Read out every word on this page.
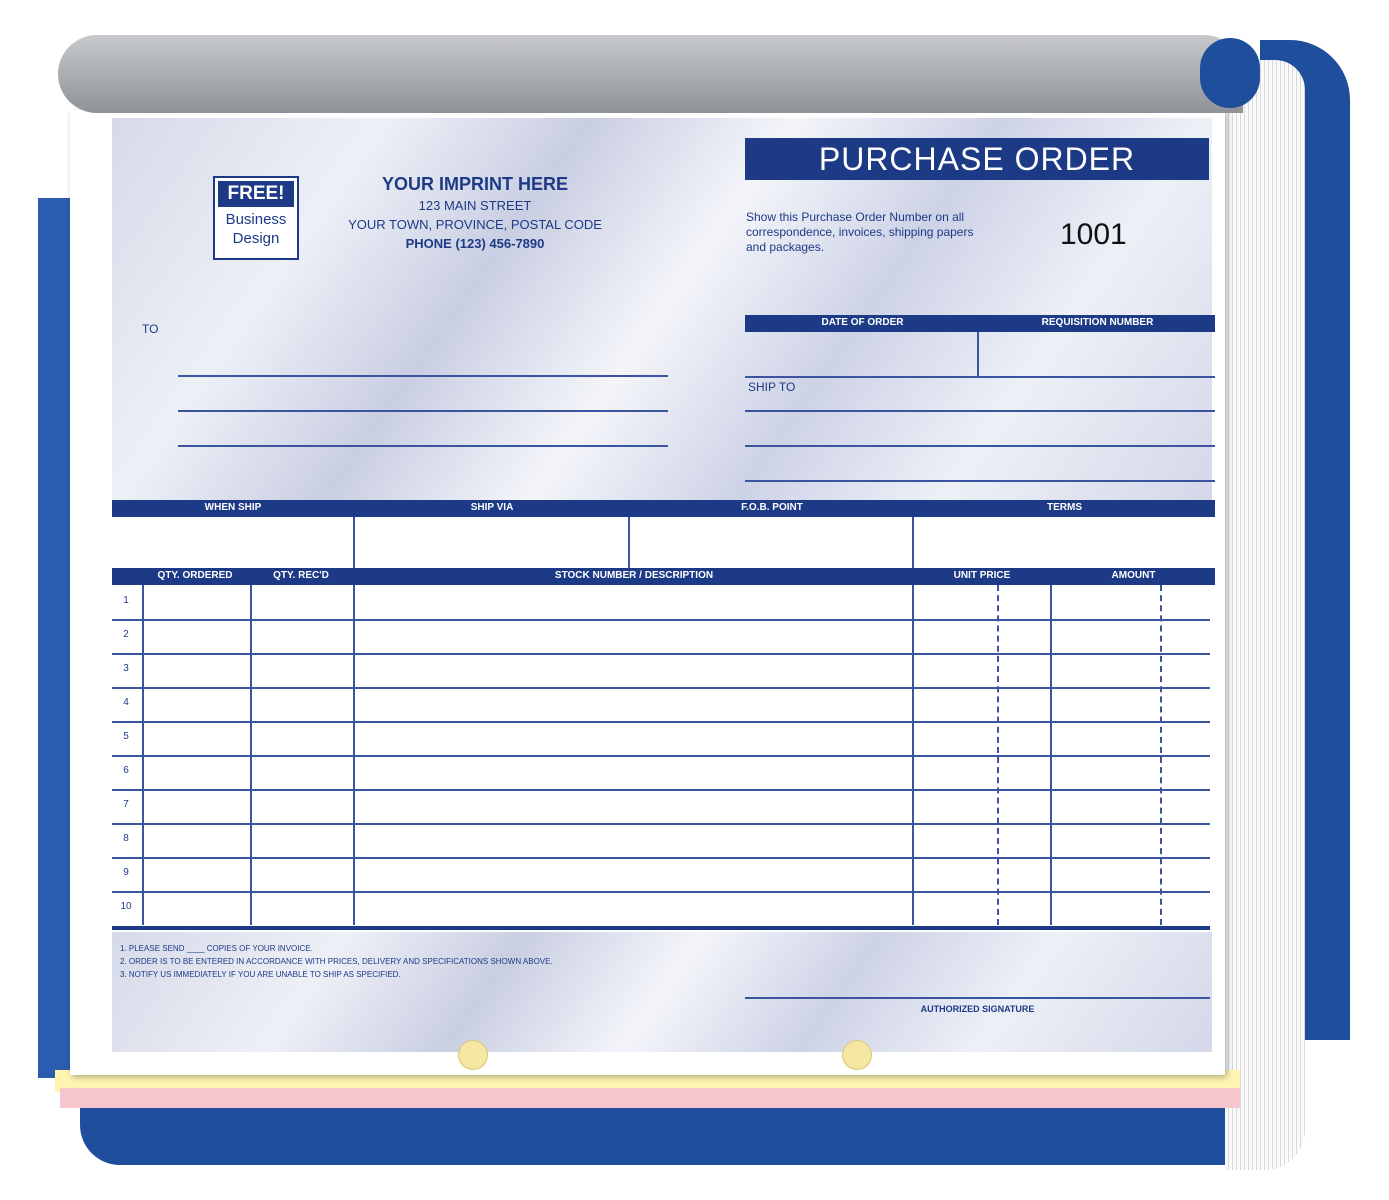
FREE!
Business
Design
YOUR IMPRINT HERE
123 MAIN STREET
YOUR TOWN, PROVINCE, POSTAL CODE
PHONE (123) 456-7890
PURCHASE ORDER
Show this Purchase Order Number on all correspondence, invoices, shipping papers and packages.	1001
TO	DATE OF ORDER	REQUISITION NUMBER
SHIP TO
WHEN SHIP	SHIP VIA	F.O.B. POINT	TERMS
QTY. ORDERED	QTY. REC'D	STOCK NUMBER / DESCRIPTION	UNIT PRICE	AMOUNT
1
2
3
4
5
6
7
8
9
10
1. PLEASE SEND ____ COPIES OF YOUR INVOICE.
2. ORDER IS TO BE ENTERED IN ACCORDANCE WITH PRICES, DELIVERY AND SPECIFICATIONS SHOWN ABOVE.
3. NOTIFY US IMMEDIATELY IF YOU ARE UNABLE TO SHIP AS SPECIFIED.
AUTHORIZED SIGNATURE
